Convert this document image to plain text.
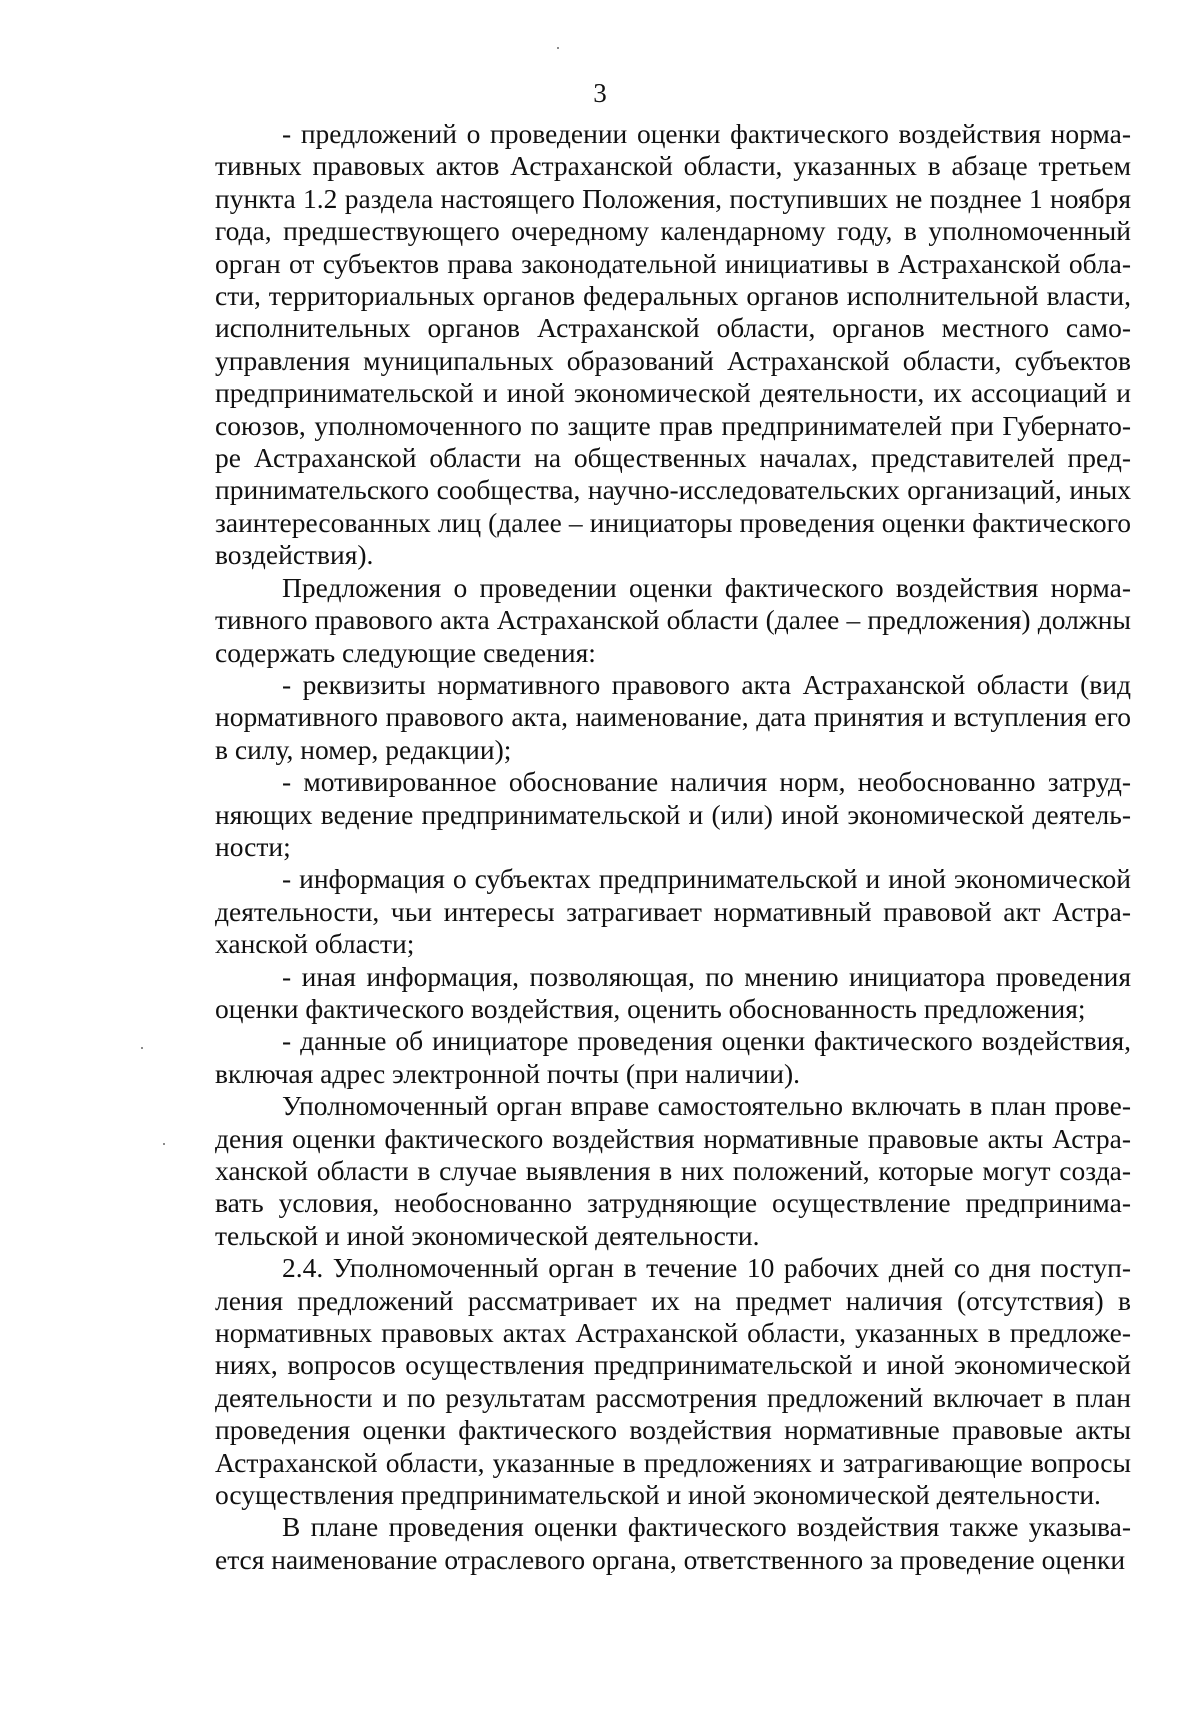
3

- предложений о проведении оценки фактического воздействия нормативных правовых актов Астраханской области, указанных в абзаце третьем пункта 1.2 раздела настоящего Положения, поступивших не позднее 1 ноября года, предшествующего очередному календарному году, в уполномоченный орган от субъектов права законодательной инициативы в Астраханской области, территориальных органов федеральных органов исполнительной власти, исполнительных органов Астраханской области, органов местного самоуправления муниципальных образований Астраханской области, субъектов предпринимательской и иной экономической деятельности, их ассоциаций и союзов, уполномоченного по защите прав предпринимателей при Губернаторе Астраханской области на общественных началах, представителей предпринимательского сообщества, научно-исследовательских организаций, иных заинтересованных лиц (далее – инициаторы проведения оценки фактического воздействия).

Предложения о проведении оценки фактического воздействия нормативного правового акта Астраханской области (далее – предложения) должны содержать следующие сведения:

- реквизиты нормативного правового акта Астраханской области (вид нормативного правового акта, наименование, дата принятия и вступления его в силу, номер, редакции);

- мотивированное обоснование наличия норм, необоснованно затрудняющих ведение предпринимательской и (или) иной экономической деятельности;

- информация о субъектах предпринимательской и иной экономической деятельности, чьи интересы затрагивает нормативный правовой акт Астраханской области;

- иная информация, позволяющая, по мнению инициатора проведения оценки фактического воздействия, оценить обоснованность предложения;

- данные об инициаторе проведения оценки фактического воздействия, включая адрес электронной почты (при наличии).

Уполномоченный орган вправе самостоятельно включать в план проведения оценки фактического воздействия нормативные правовые акты Астраханской области в случае выявления в них положений, которые могут создавать условия, необоснованно затрудняющие осуществление предпринимательской и иной экономической деятельности.

2.4. Уполномоченный орган в течение 10 рабочих дней со дня поступления предложений рассматривает их на предмет наличия (отсутствия) в нормативных правовых актах Астраханской области, указанных в предложениях, вопросов осуществления предпринимательской и иной экономической деятельности и по результатам рассмотрения предложений включает в план проведения оценки фактического воздействия нормативные правовые акты Астраханской области, указанные в предложениях и затрагивающие вопросы осуществления предпринимательской и иной экономической деятельности.

В плане проведения оценки фактического воздействия также указывается наименование отраслевого органа, ответственного за проведение оценки
